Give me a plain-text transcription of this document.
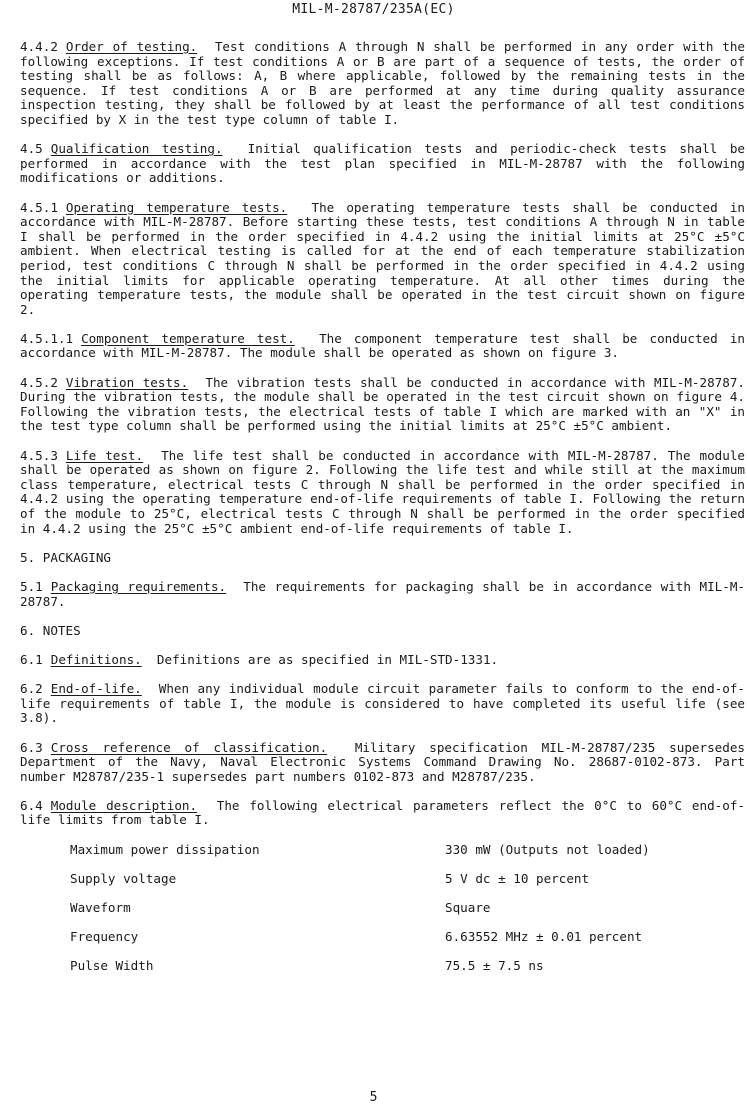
MIL-M-28787/235A(EC)

4.4.2 Order of testing. Test conditions A through N shall be performed in any order with the following exceptions. If test conditions A or B are part of a sequence of tests, the order of testing shall be as follows: A, B where applicable, followed by the remaining tests in the sequence. If test conditions A or B are performed at any time during quality assurance inspection testing, they shall be followed by at least the performance of all test conditions specified by X in the test type column of table I.

4.5 Qualification testing. Initial qualification tests and periodic-check tests shall be performed in accordance with the test plan specified in MIL-M-28787 with the following modifications or additions.

4.5.1 Operating temperature tests. The operating temperature tests shall be conducted in accordance with MIL-M-28787. Before starting these tests, test conditions A through N in table I shall be performed in the order specified in 4.4.2 using the initial limits at 25°C ±5°C ambient. When electrical testing is called for at the end of each temperature stabilization period, test conditions C through N shall be performed in the order specified in 4.4.2 using the initial limits for applicable operating temperature. At all other times during the operating temperature tests, the module shall be operated in the test circuit shown on figure 2.

4.5.1.1 Component temperature test. The component temperature test shall be conducted in accordance with MIL-M-28787. The module shall be operated as shown on figure 3.

4.5.2 Vibration tests. The vibration tests shall be conducted in accordance with MIL-M-28787. During the vibration tests, the module shall be operated in the test circuit shown on figure 4. Following the vibration tests, the electrical tests of table I which are marked with an "X" in the test type column shall be performed using the initial limits at 25°C ±5°C ambient.

4.5.3 Life test. The life test shall be conducted in accordance with MIL-M-28787. The module shall be operated as shown on figure 2. Following the life test and while still at the maximum class temperature, electrical tests C through N shall be performed in the order specified in 4.4.2 using the operating temperature end-of-life requirements of table I. Following the return of the module to 25°C, electrical tests C through N shall be performed in the order specified in 4.4.2 using the 25°C ±5°C ambient end-of-life requirements of table I.

5. PACKAGING

5.1 Packaging requirements. The requirements for packaging shall be in accordance with MIL-M-28787.

6. NOTES

6.1 Definitions. Definitions are as specified in MIL-STD-1331.

6.2 End-of-life. When any individual module circuit parameter fails to conform to the end-of-life requirements of table I, the module is considered to have completed its useful life (see 3.8).

6.3 Cross reference of classification. Military specification MIL-M-28787/235 supersedes Department of the Navy, Naval Electronic Systems Command Drawing No. 28687-0102-873. Part number M28787/235-1 supersedes part numbers 0102-873 and M28787/235.

6.4 Module description. The following electrical parameters reflect the 0°C to 60°C end-of-life limits from table I.

Maximum power dissipation	330 mW (Outputs not loaded)
Supply voltage	5 V dc ± 10 percent
Waveform	Square
Frequency	6.63552 MHz ± 0.01 percent
Pulse Width	75.5 ± 7.5 ns
5
